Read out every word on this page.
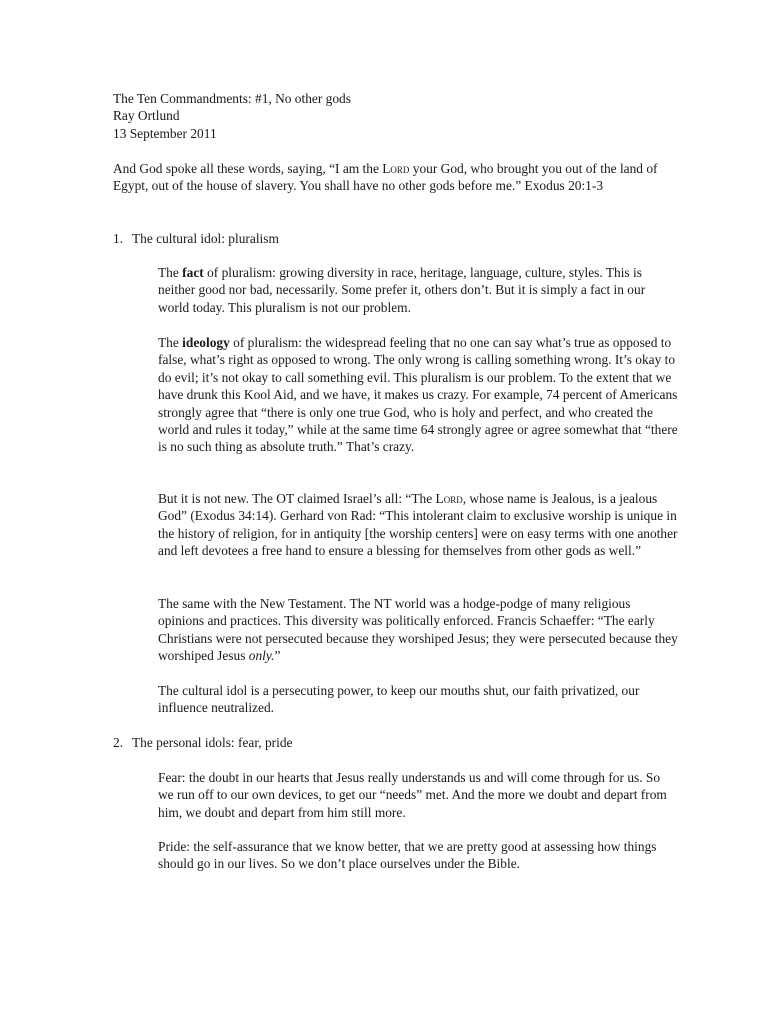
The Ten Commandments: #1, No other gods
Ray Ortlund
13 September 2011

And God spoke all these words, saying, “I am the Lord your God, who brought you out of the land of Egypt, out of the house of slavery. You shall have no other gods before me.” Exodus 20:1-3

1. The cultural idol: pluralism

The fact of pluralism: growing diversity in race, heritage, language, culture, styles. This is neither good nor bad, necessarily. Some prefer it, others don’t. But it is simply a fact in our world today. This pluralism is not our problem.

The ideology of pluralism: the widespread feeling that no one can say what’s true as opposed to false, what’s right as opposed to wrong. The only wrong is calling something wrong. It’s okay to do evil; it’s not okay to call something evil. This pluralism is our problem. To the extent that we have drunk this Kool Aid, and we have, it makes us crazy. For example, 74 percent of Americans strongly agree that “there is only one true God, who is holy and perfect, and who created the world and rules it today,” while at the same time 64 strongly agree or agree somewhat that “there is no such thing as absolute truth.” That’s crazy.

But it is not new. The OT claimed Israel’s all: “The Lord, whose name is Jealous, is a jealous God” (Exodus 34:14). Gerhard von Rad: “This intolerant claim to exclusive worship is unique in the history of religion, for in antiquity [the worship centers] were on easy terms with one another and left devotees a free hand to ensure a blessing for themselves from other gods as well.”

The same with the New Testament. The NT world was a hodge-podge of many religious opinions and practices. This diversity was politically enforced. Francis Schaeffer: “The early Christians were not persecuted because they worshiped Jesus; they were persecuted because they worshiped Jesus only.”

The cultural idol is a persecuting power, to keep our mouths shut, our faith privatized, our influence neutralized.

2. The personal idols: fear, pride

Fear: the doubt in our hearts that Jesus really understands us and will come through for us. So we run off to our own devices, to get our “needs” met. And the more we doubt and depart from him, we doubt and depart from him still more.

Pride: the self-assurance that we know better, that we are pretty good at assessing how things should go in our lives. So we don’t place ourselves under the Bible.
